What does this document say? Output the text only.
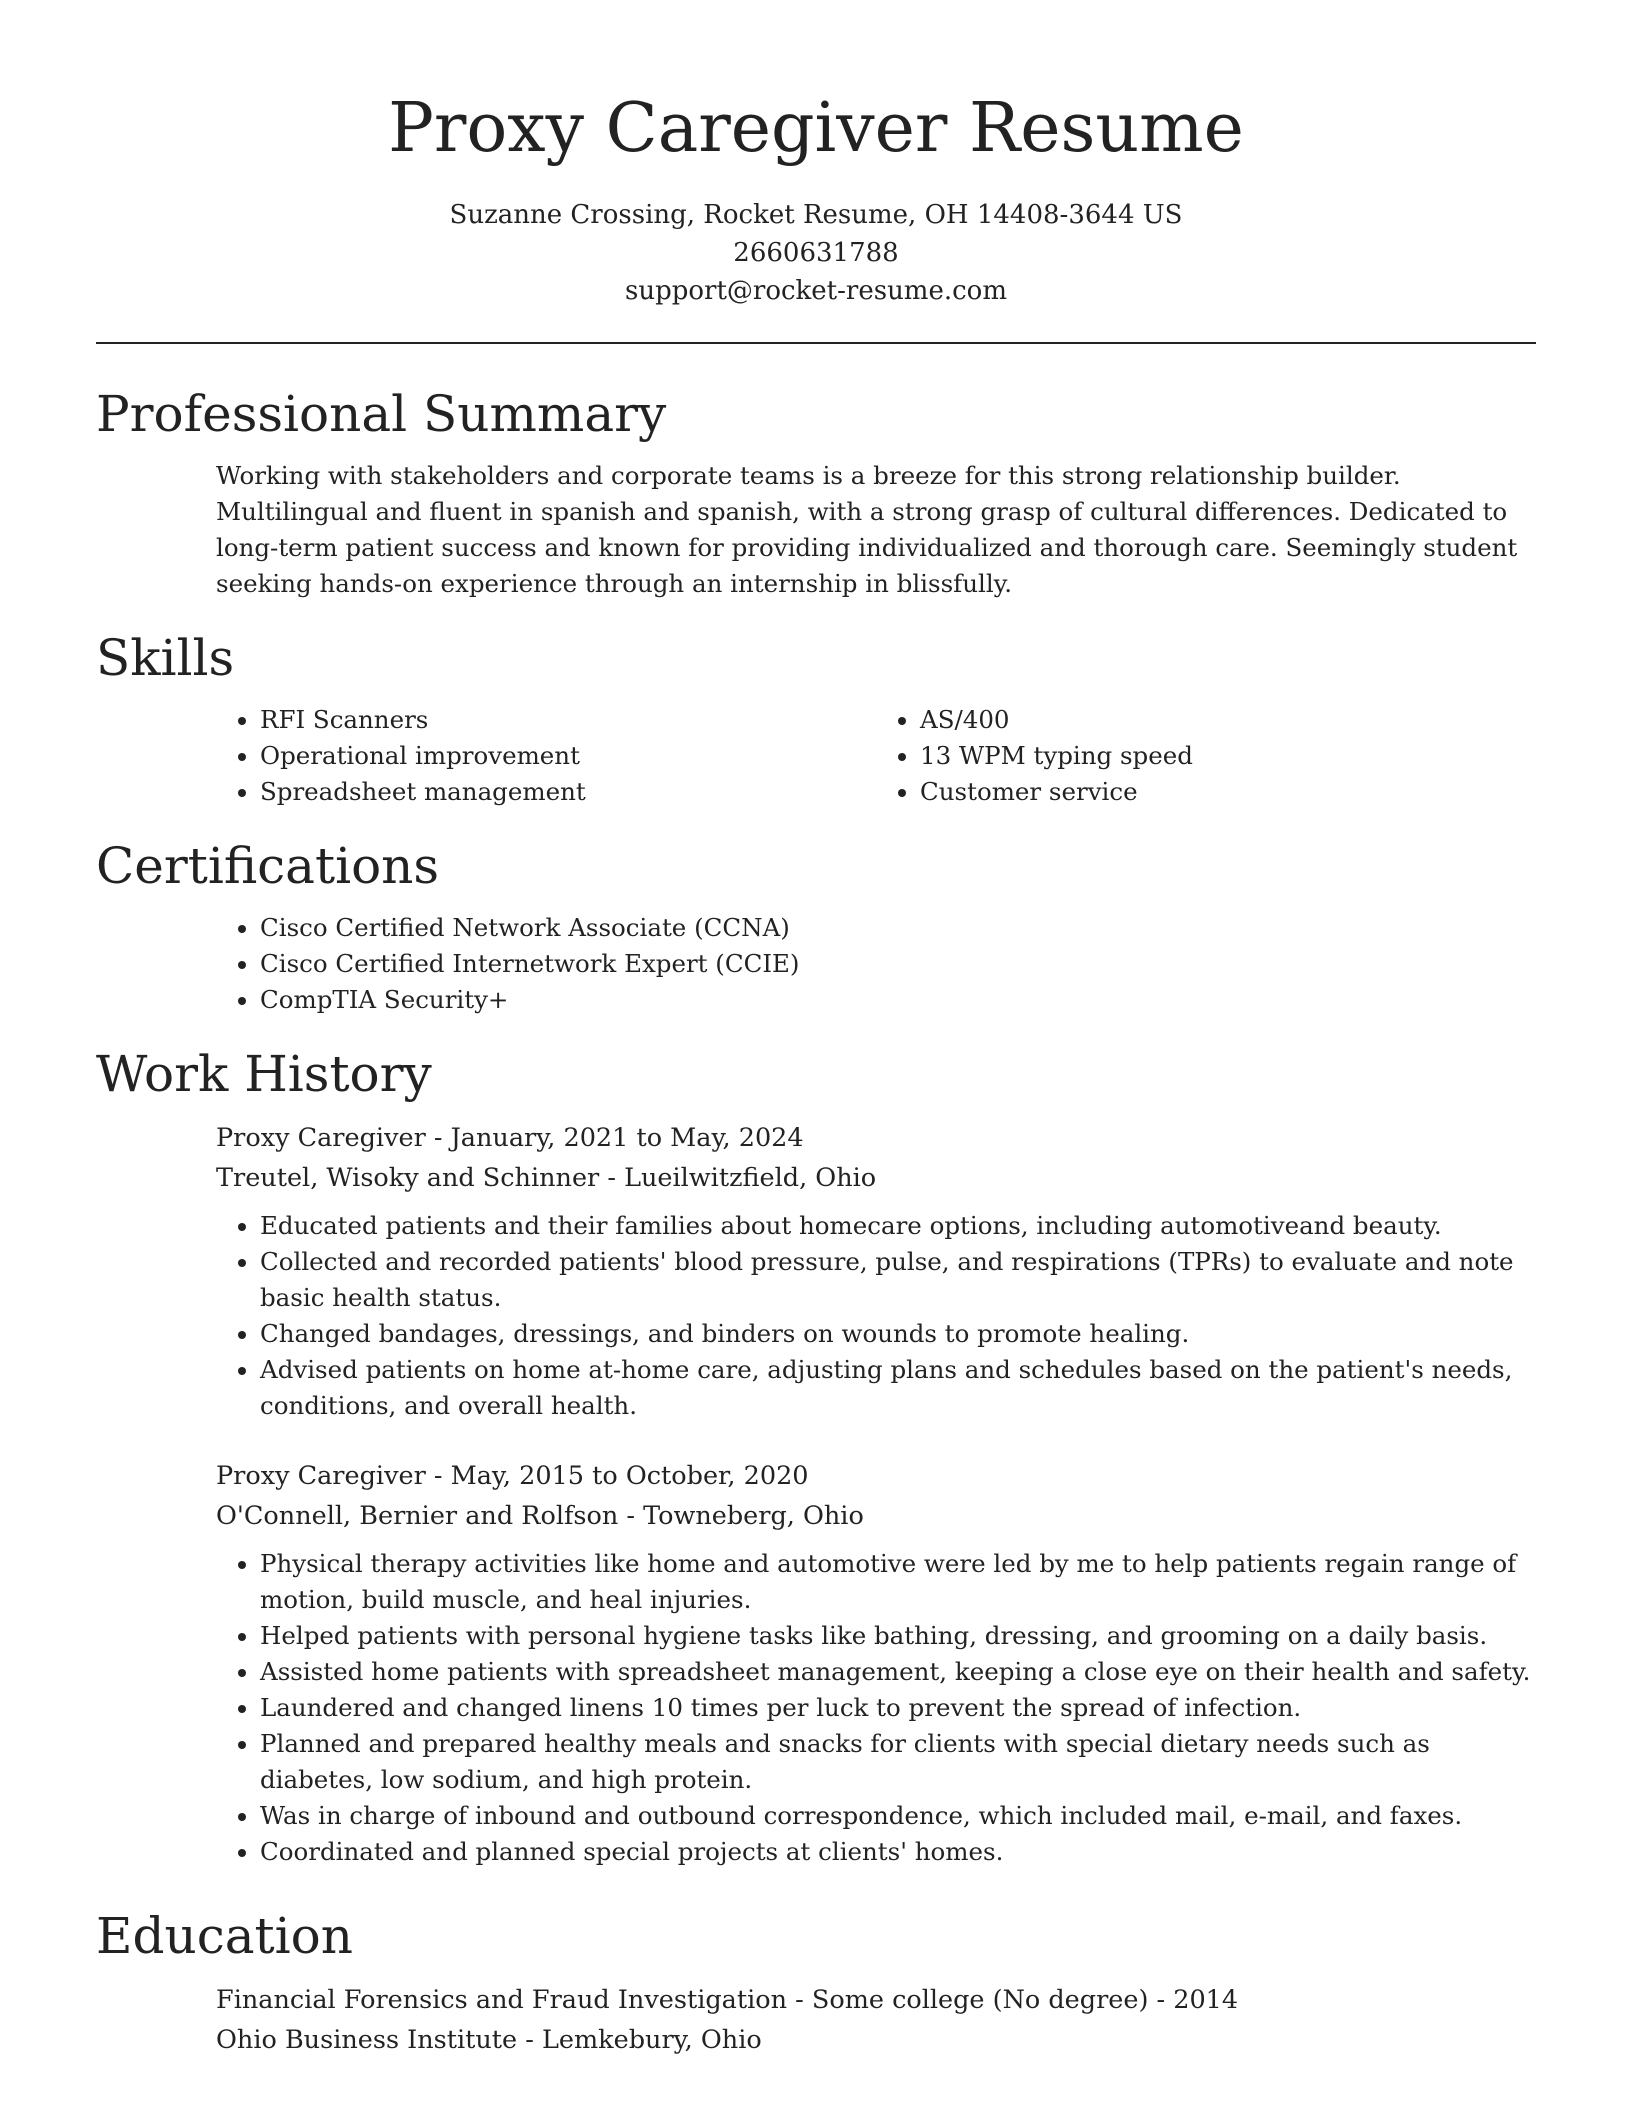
Proxy Caregiver Resume
Suzanne Crossing, Rocket Resume, OH 14408-3644 US
2660631788
support@rocket-resume.com
Professional Summary
Working with stakeholders and corporate teams is a breeze for this strong relationship builder. Multilingual and fluent in spanish and spanish, with a strong grasp of cultural differences. Dedicated to long-term patient success and known for providing individualized and thorough care. Seemingly student seeking hands-on experience through an internship in blissfully.
Skills
• RFI Scanners
• Operational improvement
• Spreadsheet management
• AS/400
• 13 WPM typing speed
• Customer service
Certifications
• Cisco Certified Network Associate (CCNA)
• Cisco Certified Internetwork Expert (CCIE)
• CompTIA Security+
Work History
Proxy Caregiver - January, 2021 to May, 2024
Treutel, Wisoky and Schinner - Lueilwitzfield, Ohio
• Educated patients and their families about homecare options, including automotiveand beauty.
• Collected and recorded patients' blood pressure, pulse, and respirations (TPRs) to evaluate and note basic health status.
• Changed bandages, dressings, and binders on wounds to promote healing.
• Advised patients on home at-home care, adjusting plans and schedules based on the patient's needs, conditions, and overall health.
Proxy Caregiver - May, 2015 to October, 2020
O'Connell, Bernier and Rolfson - Towneberg, Ohio
• Physical therapy activities like home and automotive were led by me to help patients regain range of motion, build muscle, and heal injuries.
• Helped patients with personal hygiene tasks like bathing, dressing, and grooming on a daily basis.
• Assisted home patients with spreadsheet management, keeping a close eye on their health and safety.
• Laundered and changed linens 10 times per luck to prevent the spread of infection.
• Planned and prepared healthy meals and snacks for clients with special dietary needs such as diabetes, low sodium, and high protein.
• Was in charge of inbound and outbound correspondence, which included mail, e-mail, and faxes.
• Coordinated and planned special projects at clients' homes.
Education
Financial Forensics and Fraud Investigation - Some college (No degree) - 2014
Ohio Business Institute - Lemkebury, Ohio
